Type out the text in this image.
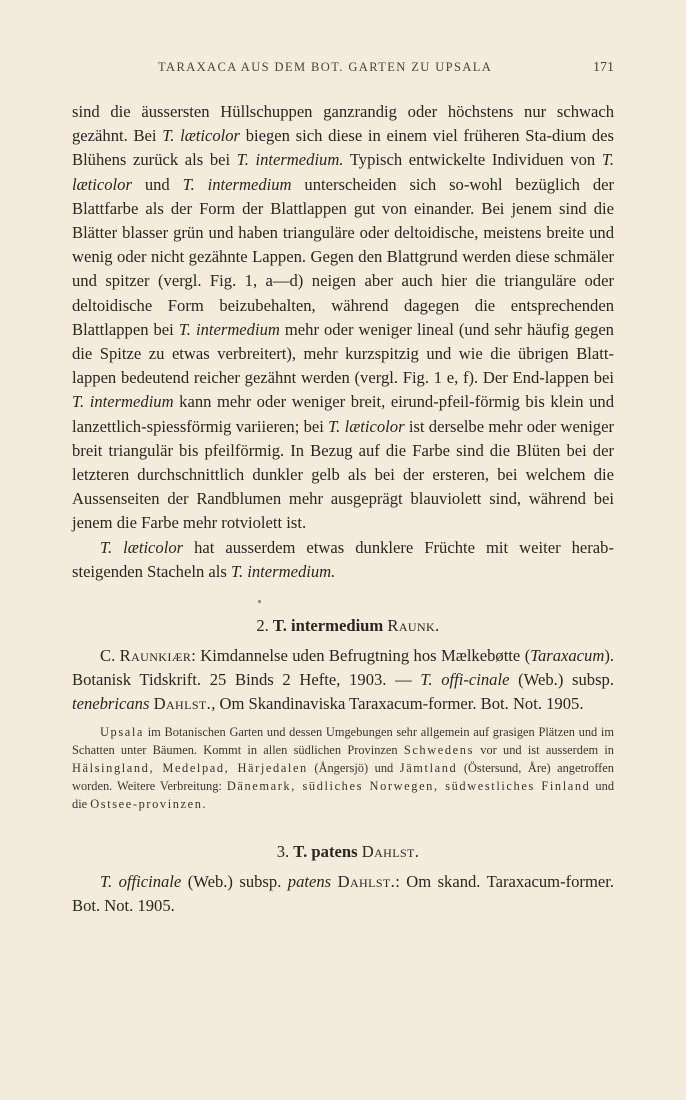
TARAXACA AUS DEM BOT. GARTEN ZU UPSALA	171

sind die äussersten Hüllschuppen ganzrandig oder höchstens nur schwach gezähnt. Bei T. læticolor biegen sich diese in einem viel früheren Sta-dium des Blühens zurück als bei T. intermedium. Typisch entwickelte Individuen von T. læticolor und T. intermedium unterscheiden sich so-wohl bezüglich der Blattfarbe als der Form der Blattlappen gut von einander. Bei jenem sind die Blätter blasser grün und haben trianguläre oder deltoidische, meistens breite und wenig oder nicht gezähnte Lappen. Gegen den Blattgrund werden diese schmäler und spitzer (vergl. Fig. 1, a—d) neigen aber auch hier die trianguläre oder deltoidische Form beizubehalten, während dagegen die entsprechenden Blattlappen bei T. intermedium mehr oder weniger lineal (und sehr häufig gegen die Spitze zu etwas verbreitert), mehr kurzspitzig und wie die übrigen Blatt-lappen bedeutend reicher gezähnt werden (vergl. Fig. 1 e, f). Der End-lappen bei T. intermedium kann mehr oder weniger breit, eirund-pfeil-förmig bis klein und lanzettlich-spiessförmig variieren; bei T. læticolor ist derselbe mehr oder weniger breit triangulär bis pfeilförmig. In Bezug auf die Farbe sind die Blüten bei der letzteren durchschnittlich dunkler gelb als bei der ersteren, bei welchem die Aussenseiten der Randblumen mehr ausgeprägt blauviolett sind, während bei jenem die Farbe mehr rotviolett ist.

T. læticolor hat ausserdem etwas dunklere Früchte mit weiter herab-steigenden Stacheln als T. intermedium.

2. T. intermedium Raunk.

C. Raunkiær: Kimdannelse uden Befrugtning hos Mælkebøtte (Taraxacum). Botanisk Tidskrift. 25 Binds 2 Hefte, 1903. — T. offi-cinale (Web.) subsp. tenebricans Dahlst., Om Skandinaviska Taraxacum-former. Bot. Not. 1905.

Upsala im Botanischen Garten und dessen Umgebungen sehr allgemein auf grasigen Plätzen und im Schatten unter Bäumen. Kommt in allen südlichen Provinzen Schwedens vor und ist ausserdem in Hälsingland, Medelpad, Härjedalen (Ångersjö) und Jämtland (Östersund, Åre) angetroffen worden. Weitere Verbreitung: Dänemark, südliches Norwegen, südwestliches Finland und die Ostsee-provinzen.

3. T. patens Dahlst.

T. officinale (Web.) subsp. patens Dahlst.: Om skand. Taraxacum-former. Bot. Not. 1905.
